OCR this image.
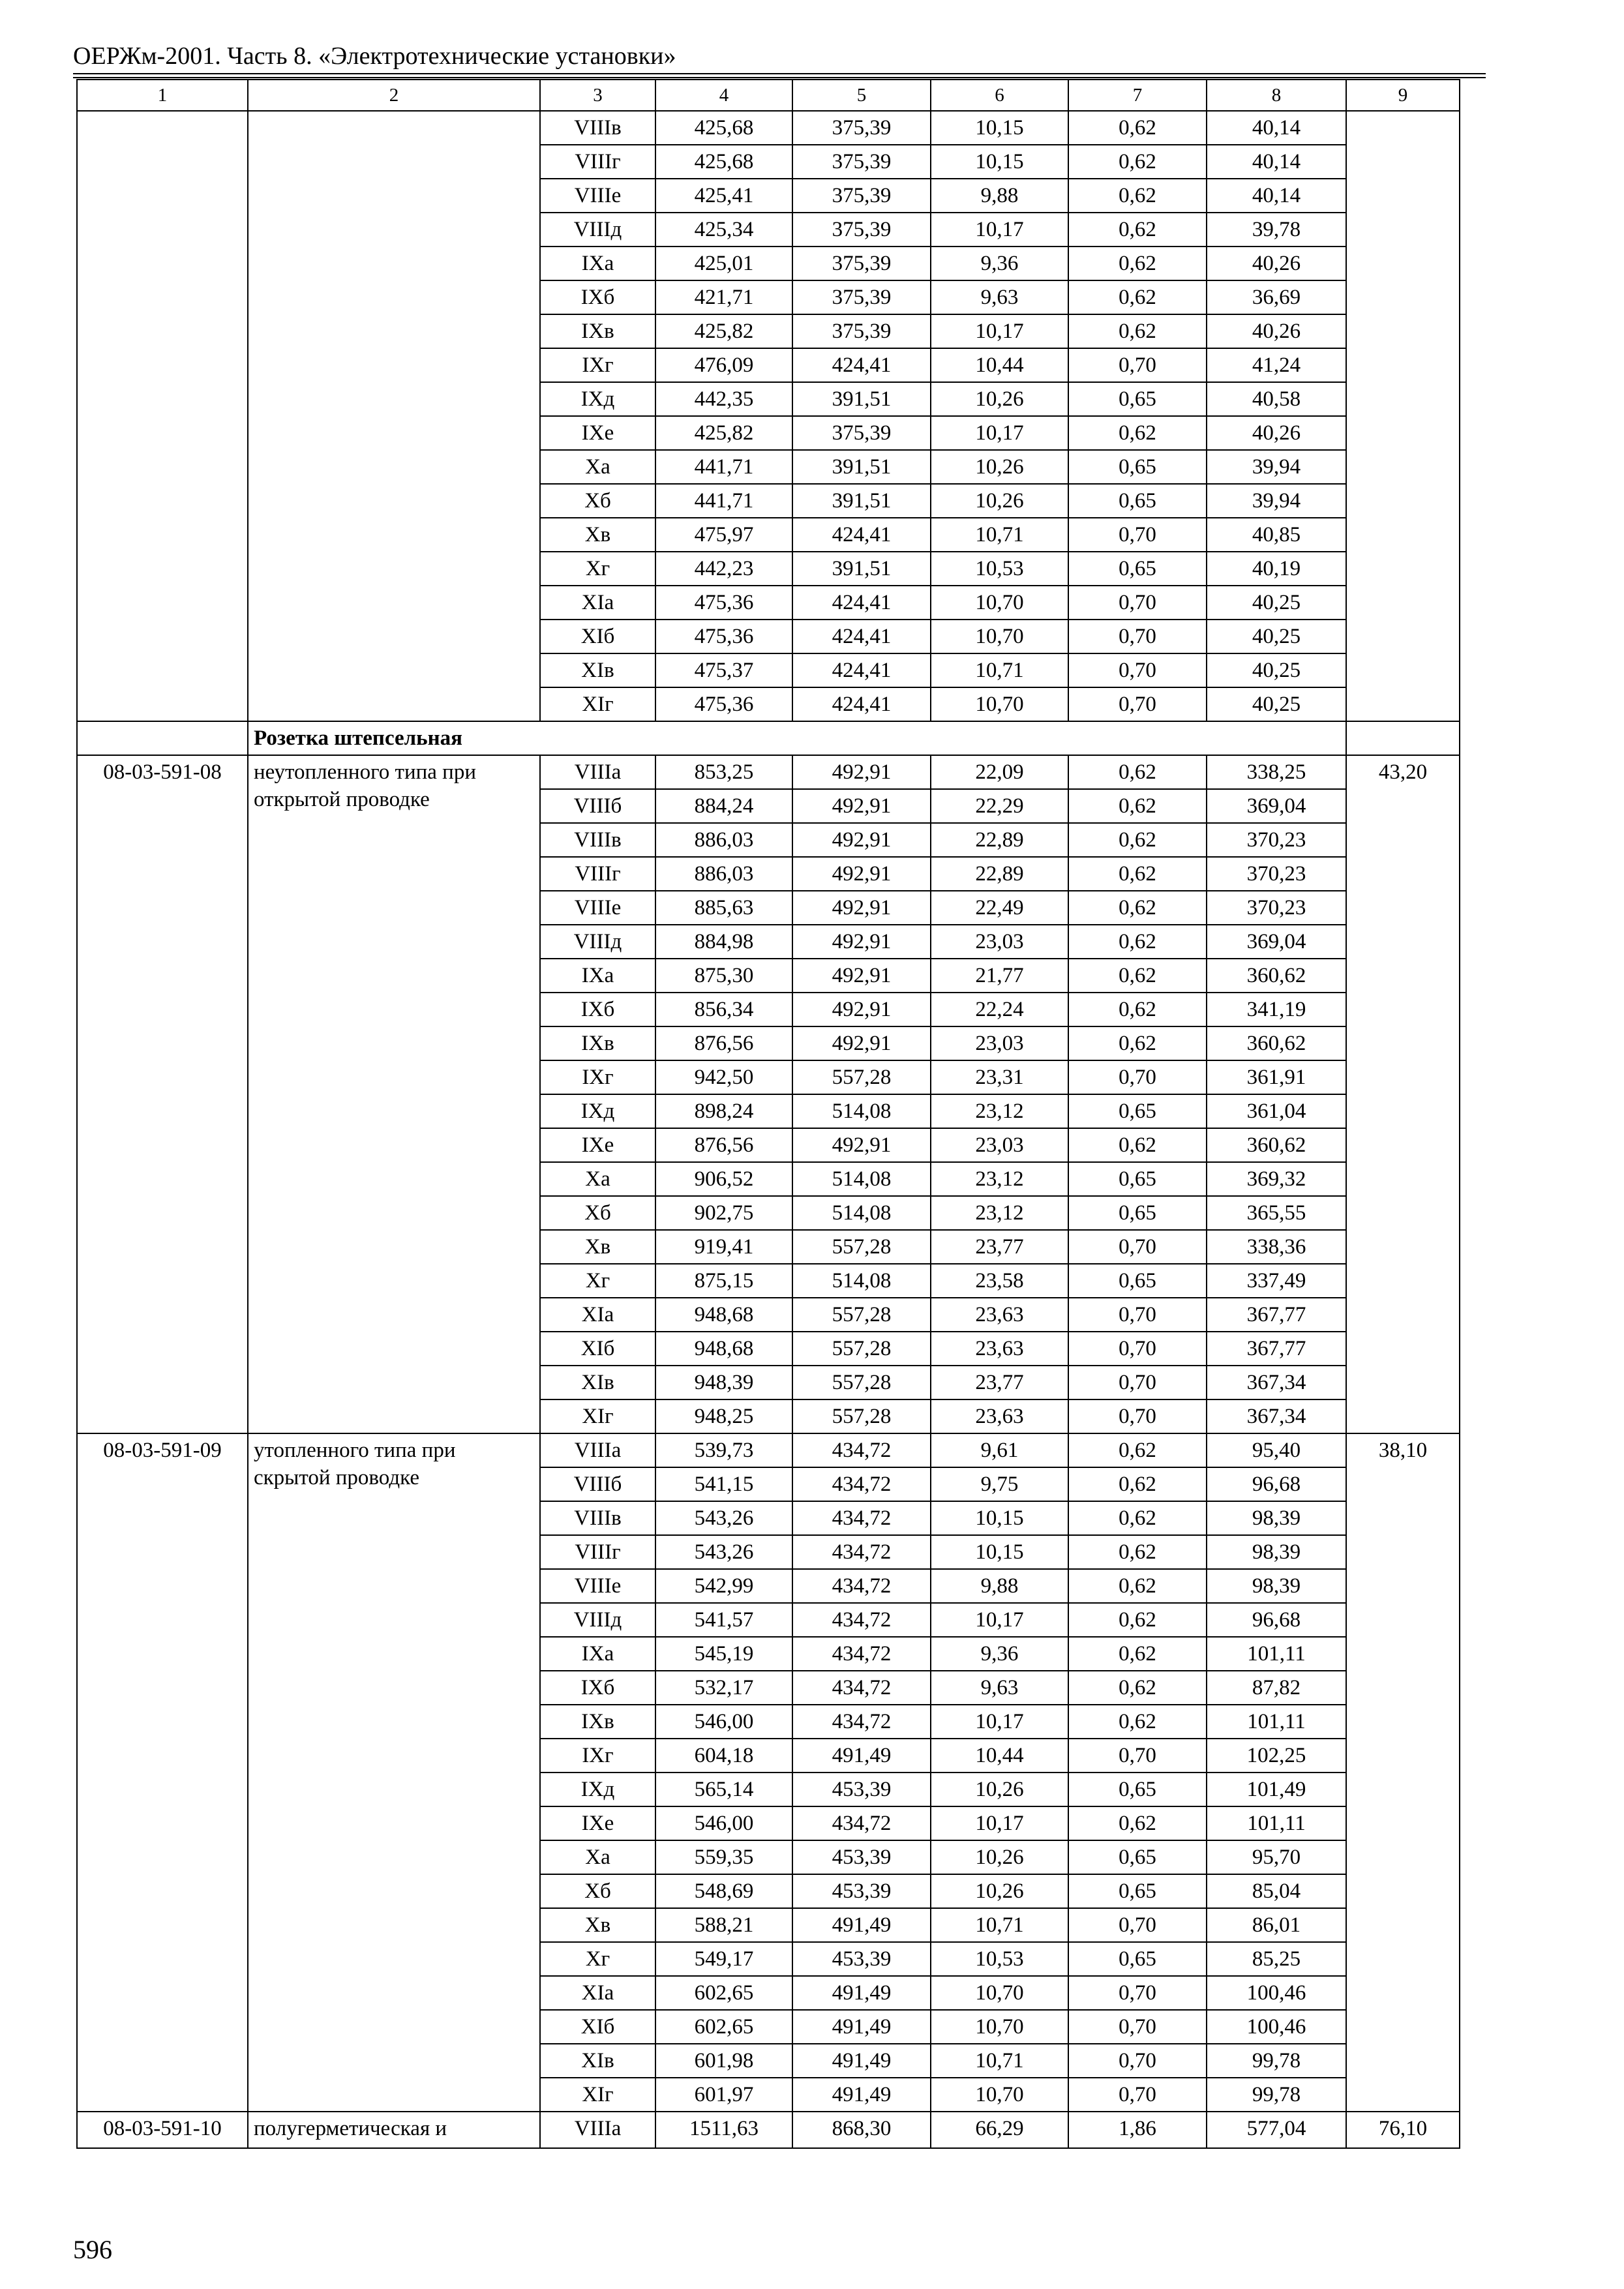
ОЕРЖм-2001. Часть 8. «Электротехнические установки»
1	2	3	4	5	6	7	8	9
		VIIIв	425,68	375,39	10,15	0,62	40,14	
		VIIIг	425,68	375,39	10,15	0,62	40,14	
		VIIIе	425,41	375,39	9,88	0,62	40,14	
		VIIIд	425,34	375,39	10,17	0,62	39,78	
		IXа	425,01	375,39	9,36	0,62	40,26	
		IXб	421,71	375,39	9,63	0,62	36,69	
		IXв	425,82	375,39	10,17	0,62	40,26	
		IXг	476,09	424,41	10,44	0,70	41,24	
		IXд	442,35	391,51	10,26	0,65	40,58	
		IXе	425,82	375,39	10,17	0,62	40,26	
		Xа	441,71	391,51	10,26	0,65	39,94	
		Xб	441,71	391,51	10,26	0,65	39,94	
		Xв	475,97	424,41	10,71	0,70	40,85	
		Xг	442,23	391,51	10,53	0,65	40,19	
		XIа	475,36	424,41	10,70	0,70	40,25	
		XIб	475,36	424,41	10,70	0,70	40,25	
		XIв	475,37	424,41	10,71	0,70	40,25	
		XIг	475,36	424,41	10,70	0,70	40,25	
	Розетка штепсельная							
08-03-591-08	неутопленного типа при открытой проводке	VIIIа	853,25	492,91	22,09	0,62	338,25	43,20
		VIIIб	884,24	492,91	22,29	0,62	369,04	
		VIIIв	886,03	492,91	22,89	0,62	370,23	
		VIIIг	886,03	492,91	22,89	0,62	370,23	
		VIIIе	885,63	492,91	22,49	0,62	370,23	
		VIIIд	884,98	492,91	23,03	0,62	369,04	
		IXа	875,30	492,91	21,77	0,62	360,62	
		IXб	856,34	492,91	22,24	0,62	341,19	
		IXв	876,56	492,91	23,03	0,62	360,62	
		IXг	942,50	557,28	23,31	0,70	361,91	
		IXд	898,24	514,08	23,12	0,65	361,04	
		IXе	876,56	492,91	23,03	0,62	360,62	
		Xа	906,52	514,08	23,12	0,65	369,32	
		Xб	902,75	514,08	23,12	0,65	365,55	
		Xв	919,41	557,28	23,77	0,70	338,36	
		Xг	875,15	514,08	23,58	0,65	337,49	
		XIа	948,68	557,28	23,63	0,70	367,77	
		XIб	948,68	557,28	23,63	0,70	367,77	
		XIв	948,39	557,28	23,77	0,70	367,34	
		XIг	948,25	557,28	23,63	0,70	367,34	
08-03-591-09	утопленного типа при скрытой проводке	VIIIа	539,73	434,72	9,61	0,62	95,40	38,10
		VIIIб	541,15	434,72	9,75	0,62	96,68	
		VIIIв	543,26	434,72	10,15	0,62	98,39	
		VIIIг	543,26	434,72	10,15	0,62	98,39	
		VIIIе	542,99	434,72	9,88	0,62	98,39	
		VIIIд	541,57	434,72	10,17	0,62	96,68	
		IXа	545,19	434,72	9,36	0,62	101,11	
		IXб	532,17	434,72	9,63	0,62	87,82	
		IXв	546,00	434,72	10,17	0,62	101,11	
		IXг	604,18	491,49	10,44	0,70	102,25	
		IXд	565,14	453,39	10,26	0,65	101,49	
		IXе	546,00	434,72	10,17	0,62	101,11	
		Xа	559,35	453,39	10,26	0,65	95,70	
		Xб	548,69	453,39	10,26	0,65	85,04	
		Xв	588,21	491,49	10,71	0,70	86,01	
		Xг	549,17	453,39	10,53	0,65	85,25	
		XIа	602,65	491,49	10,70	0,70	100,46	
		XIб	602,65	491,49	10,70	0,70	100,46	
		XIв	601,98	491,49	10,71	0,70	99,78	
		XIг	601,97	491,49	10,70	0,70	99,78	
08-03-591-10	полугерметическая и	VIIIа	1511,63	868,30	66,29	1,86	577,04	76,10
596
